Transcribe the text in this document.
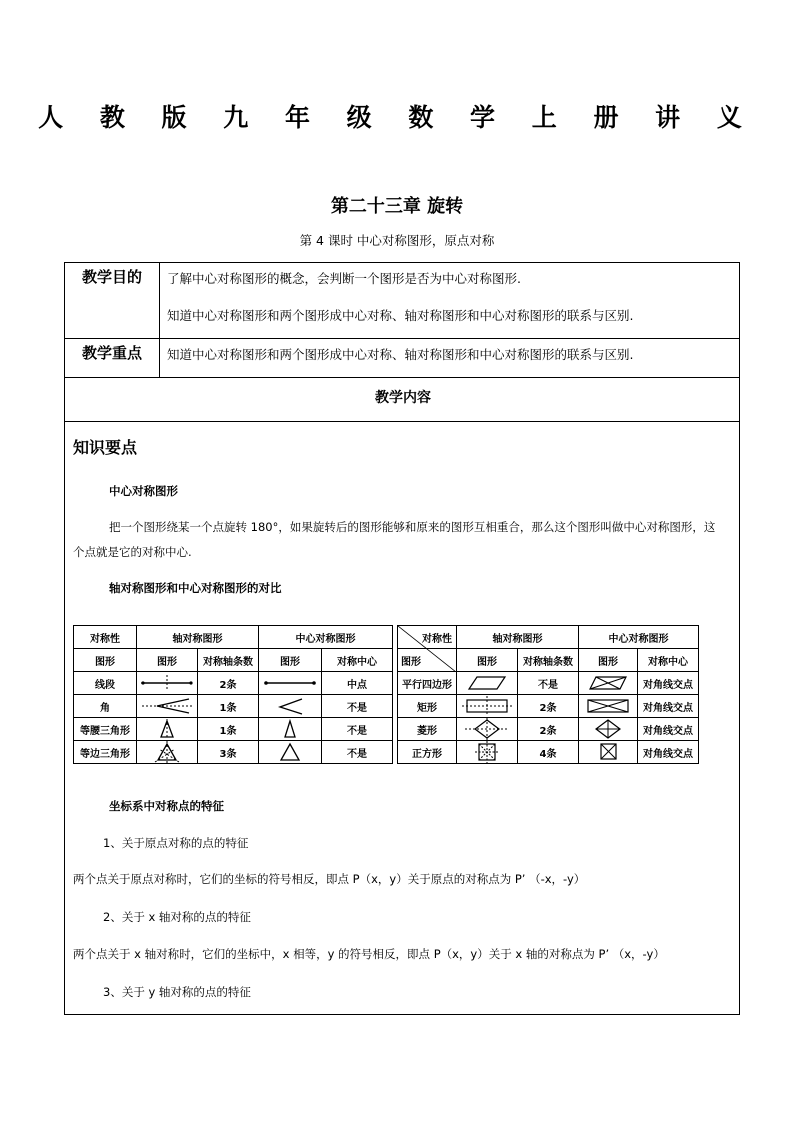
人 教 版 九 年 级 数 学 上 册 讲 义
第二十三章 旋转
第 4 课时 中心对称图形，原点对称
教学目的	了解中心对称图形的概念，会判断一个图形是否为中心对称图形.
知道中心对称图形和两个图形成中心对称、轴对称图形和中心对称图形的联系与区别.
教学重点	知道中心对称图形和两个图形成中心对称、轴对称图形和中心对称图形的联系与区别.
教学内容
知识要点
中心对称图形
把一个图形绕某一个点旋转 180°，如果旋转后的图形能够和原来的图形互相重合，那么这个图形叫做中心对称图形，这
个点就是它的对称中心.
轴对称图形和中心对称图形的对比
对称性	轴对称图形		中心对称图形	
图形	图形	对称轴条数	图形	对称中心
线段		2条		中点
角		1条		不是
等腰三角形		1条		不是
等边三角形		3条		不是
对称性	轴对称图形		中心对称图形	
图形	图形	对称轴条数	图形	对称中心
平行四边形		不是		对角线交点
矩形		2条		对角线交点
菱形		2条		对角线交点
正方形		4条		对角线交点
坐标系中对称点的特征
1、关于原点对称的点的特征
两个点关于原点对称时，它们的坐标的符号相反，即点 P（x，y）关于原点的对称点为 P’ （-x，-y）
2、关于 x 轴对称的点的特征
两个点关于 x 轴对称时，它们的坐标中，x 相等，y 的符号相反，即点 P（x，y）关于 x 轴的对称点为 P’ （x，-y）
3、关于 y 轴对称的点的特征
